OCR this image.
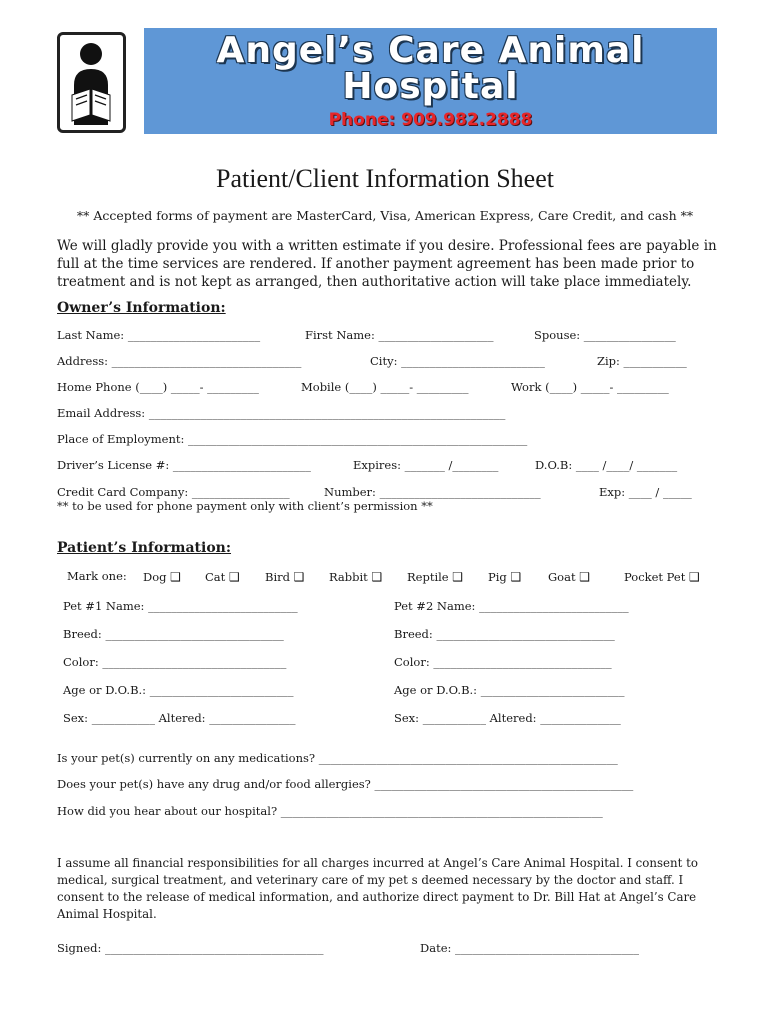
Angel’s Care Animal
Hospital
Phone: 909.982.2888
Patient/Client Information Sheet
** Accepted forms of payment are MasterCard, Visa, American Express, Care Credit, and cash **
We will gladly provide you with a written estimate if you desire. Professional fees are payable in full at the time services are rendered. If another payment agreement has been made prior to treatment and is not kept as arranged, then authoritative action will take place immediately.
Owner’s Information:
Last Name: _______________________	First Name: ____________________	Spouse: ________________
Address: _________________________________	City: _________________________	Zip: ___________
Home Phone (____) _____- _________	Mobile (____) _____- _________	Work (____) _____- _________
Email Address: ______________________________________________________________
Place of Employment: ___________________________________________________________
Driver’s License #: ________________________	Expires: _______ /________	D.O.B: ____ /____/ _______
Credit Card Company: _________________	Number: ____________________________	Exp: ____ / _____
** to be used for phone payment only with client’s permission **
Patient’s Information:
Mark one: Dog ❑ Cat ❑ Bird ❑ Rabbit ❑ Reptile ❑ Pig ❑ Goat ❑	Pocket Pet ❑
Pet #1 Name: __________________________	Pet #2 Name: __________________________
Breed: _______________________________	Breed: _______________________________
Color: ________________________________	Color: _______________________________
Age or D.O.B.: _________________________	Age or D.O.B.: _________________________
Sex: ___________ Altered: _______________	Sex: ___________ Altered: ______________
Is your pet(s) currently on any medications? ____________________________________________________
Does your pet(s) have any drug and/or food allergies? _____________________________________________
How did you hear about our hospital? ________________________________________________________
I assume all financial responsibilities for all charges incurred at Angel’s Care Animal Hospital. I consent to medical, surgical treatment, and veterinary care of my pet s deemed necessary by the doctor and staff. I consent to the release of medical information, and authorize direct payment to Dr. Bill Hat at Angel’s Care Animal Hospital.
Signed: ______________________________________	Date: ________________________________
